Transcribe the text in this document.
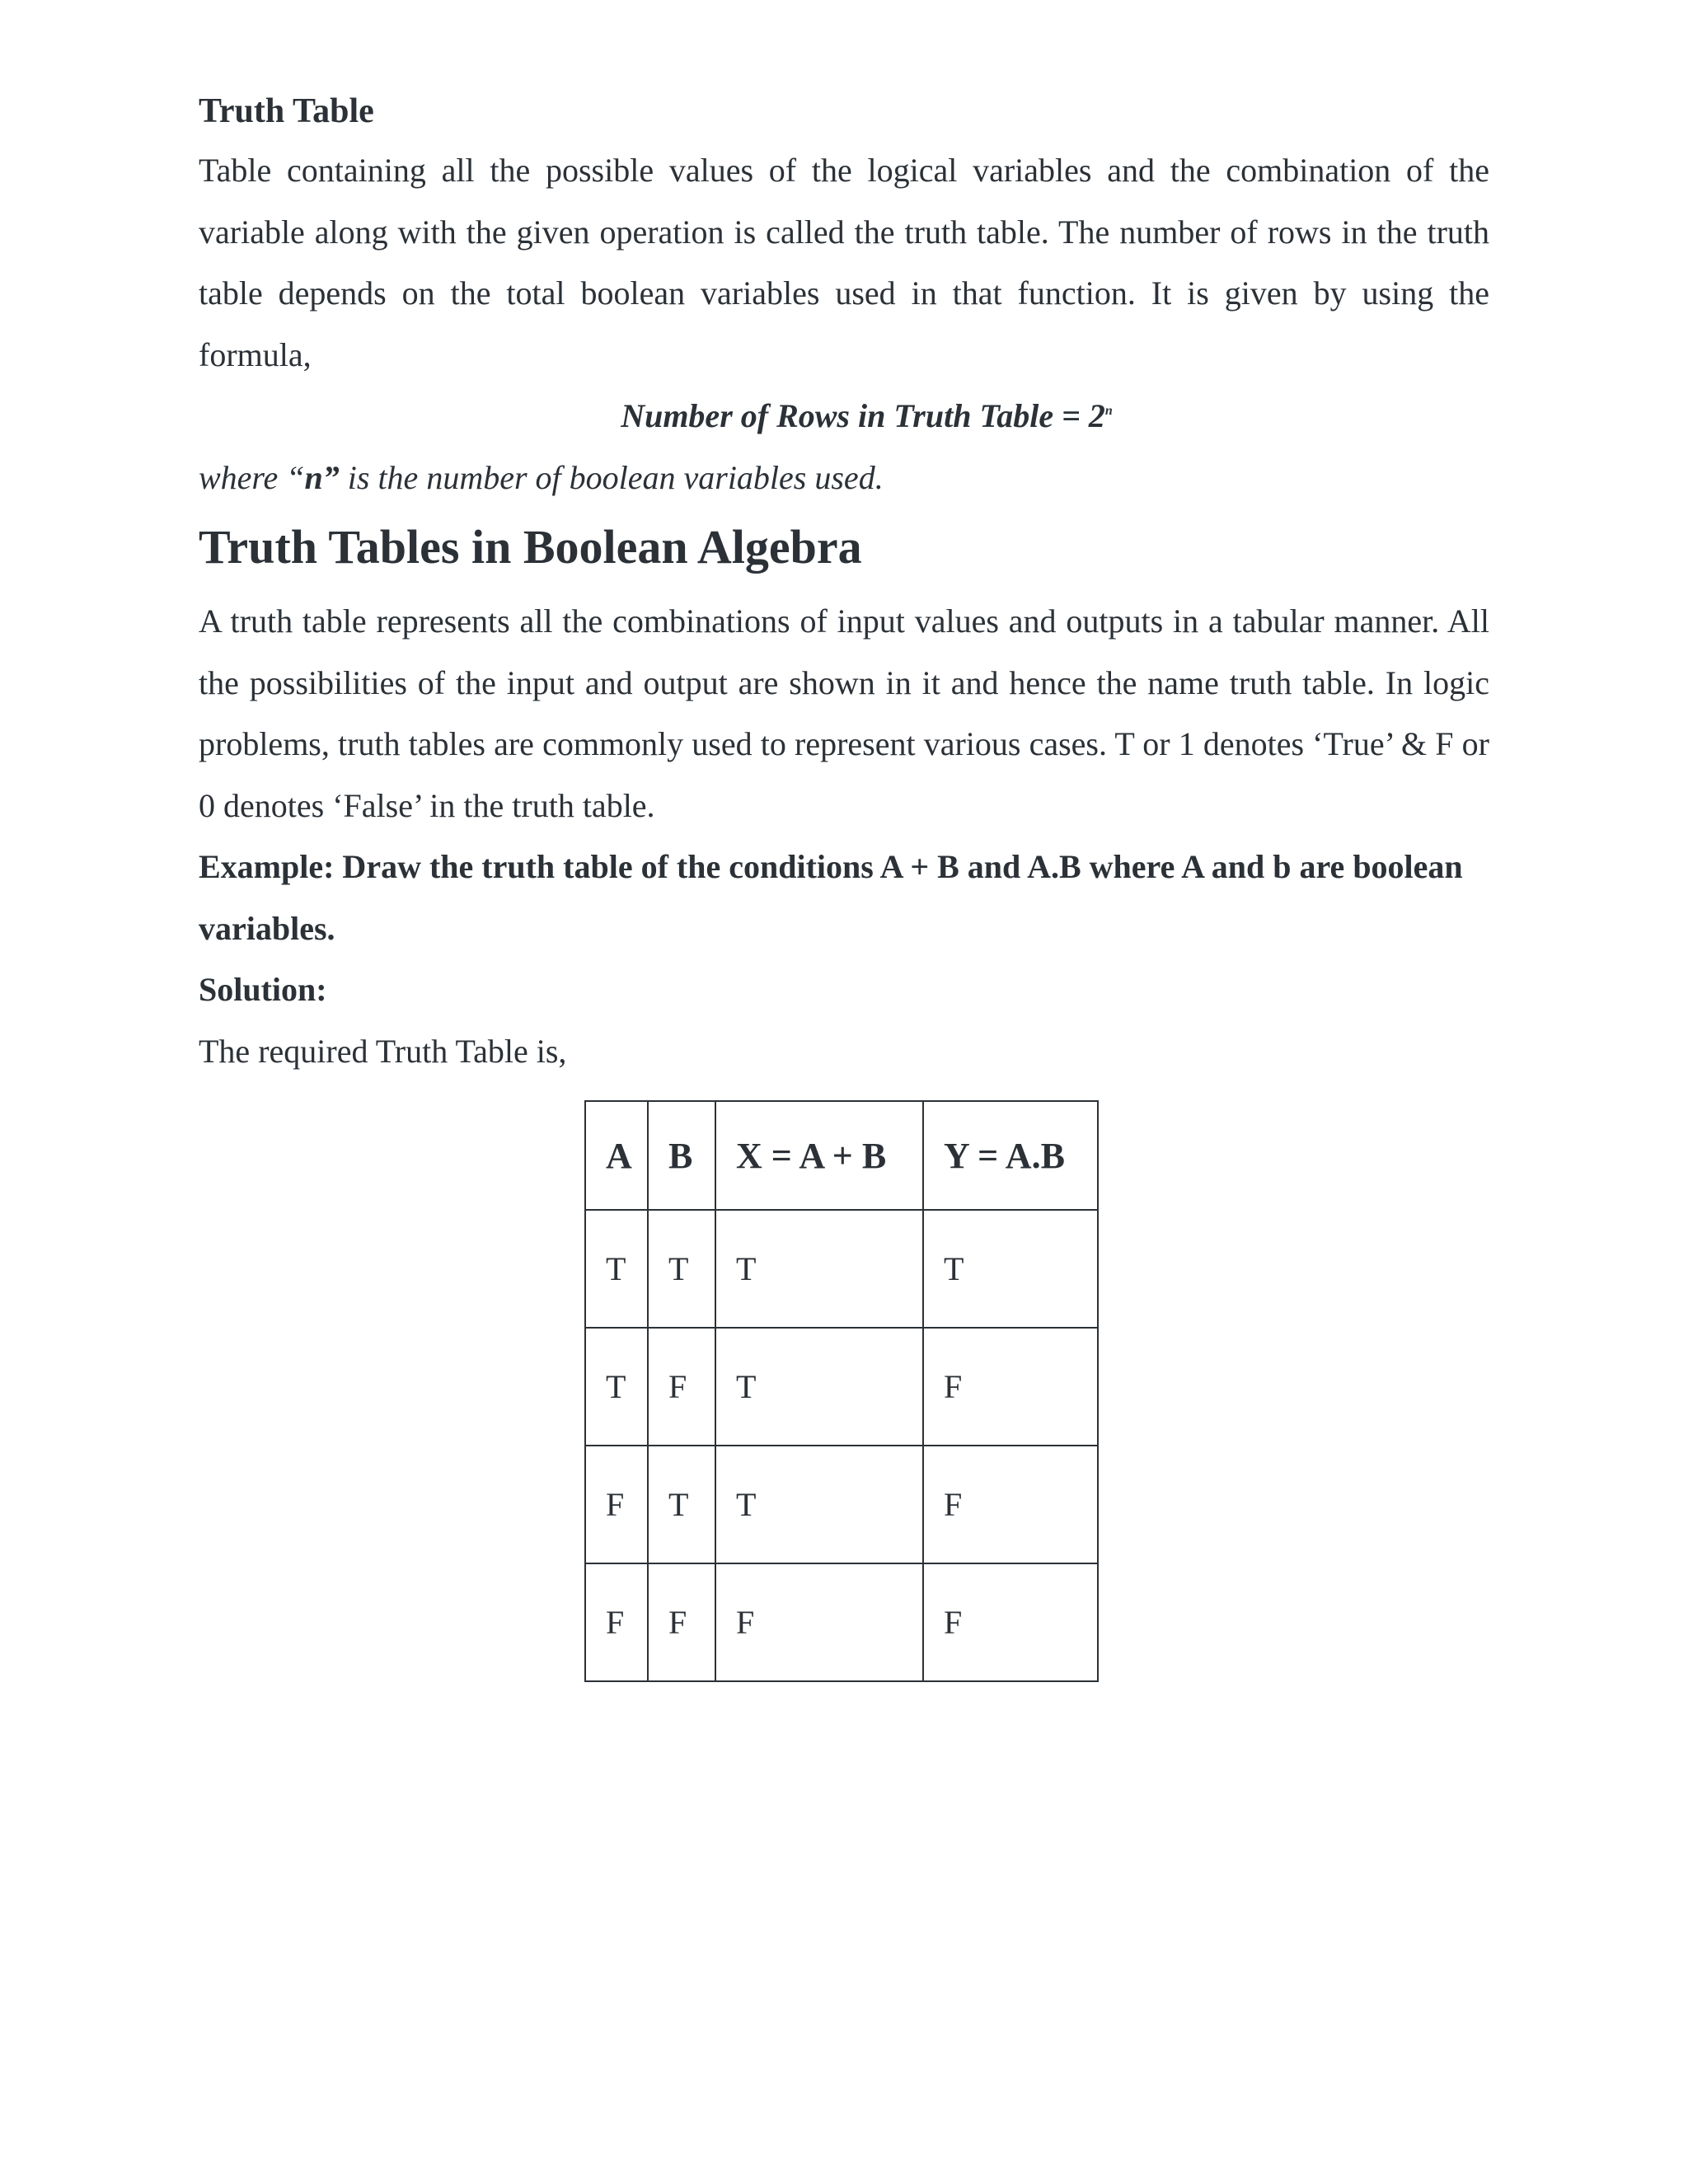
Truth Table

Table containing all the possible values of the logical variables and the combination of the variable along with the given operation is called the truth table. The number of rows in the truth table depends on the total boolean variables used in that function. It is given by using the formula,

Number of Rows in Truth Table = $2^n$

where “n” is the number of boolean variables used.

Truth Tables in Boolean Algebra

A truth table represents all the combinations of input values and outputs in a tabular manner. All the possibilities of the input and output are shown in it and hence the name truth table. In logic problems, truth tables are commonly used to represent various cases. T or 1 denotes ‘True’ & F or 0 denotes ‘False’ in the truth table.

Example: Draw the truth table of the conditions A + B and A.B where A and b are boolean variables.

Solution:

The required Truth Table is,

A	B	X = A + B	Y = A.B
T	T	T	T
T	F	T	F
F	T	T	F
F	F	F	F
